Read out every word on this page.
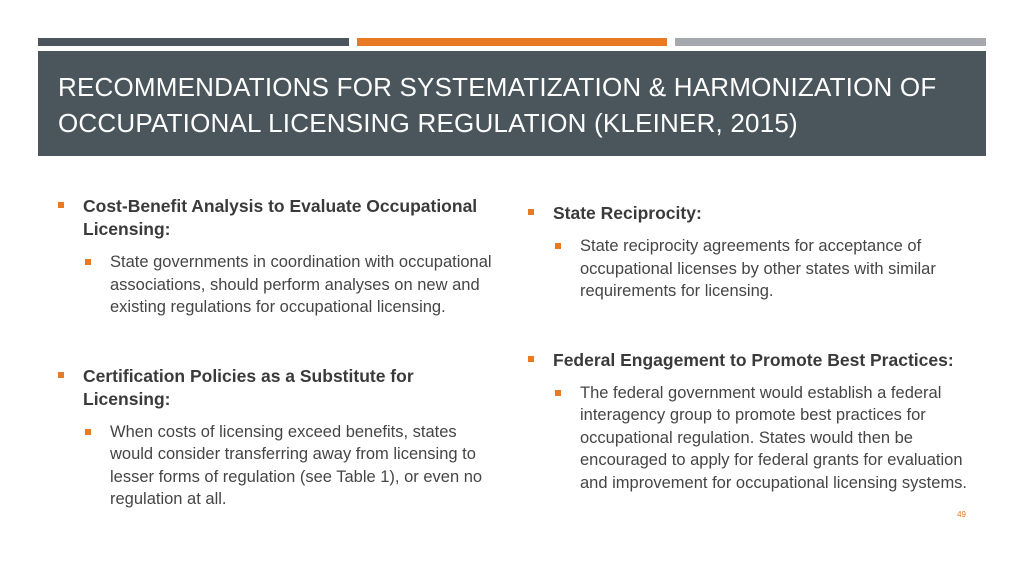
RECOMMENDATIONS FOR SYSTEMATIZATION & HARMONIZATION OF OCCUPATIONAL LICENSING REGULATION (KLEINER, 2015)
Cost-Benefit Analysis to Evaluate Occupational Licensing:
State governments in coordination with occupational associations, should perform analyses on new and existing regulations for occupational licensing.
Certification Policies as a Substitute for Licensing:
When costs of licensing exceed benefits, states would consider transferring away from licensing to lesser forms of regulation (see Table 1), or even no regulation at all.
State Reciprocity:
State reciprocity agreements for acceptance of occupational licenses by other states with similar requirements for licensing.
Federal Engagement to Promote Best Practices:
The federal government would establish a federal interagency group to promote best practices for occupational regulation. States would then be encouraged to apply for federal grants for evaluation and improvement for occupational licensing systems.
49
